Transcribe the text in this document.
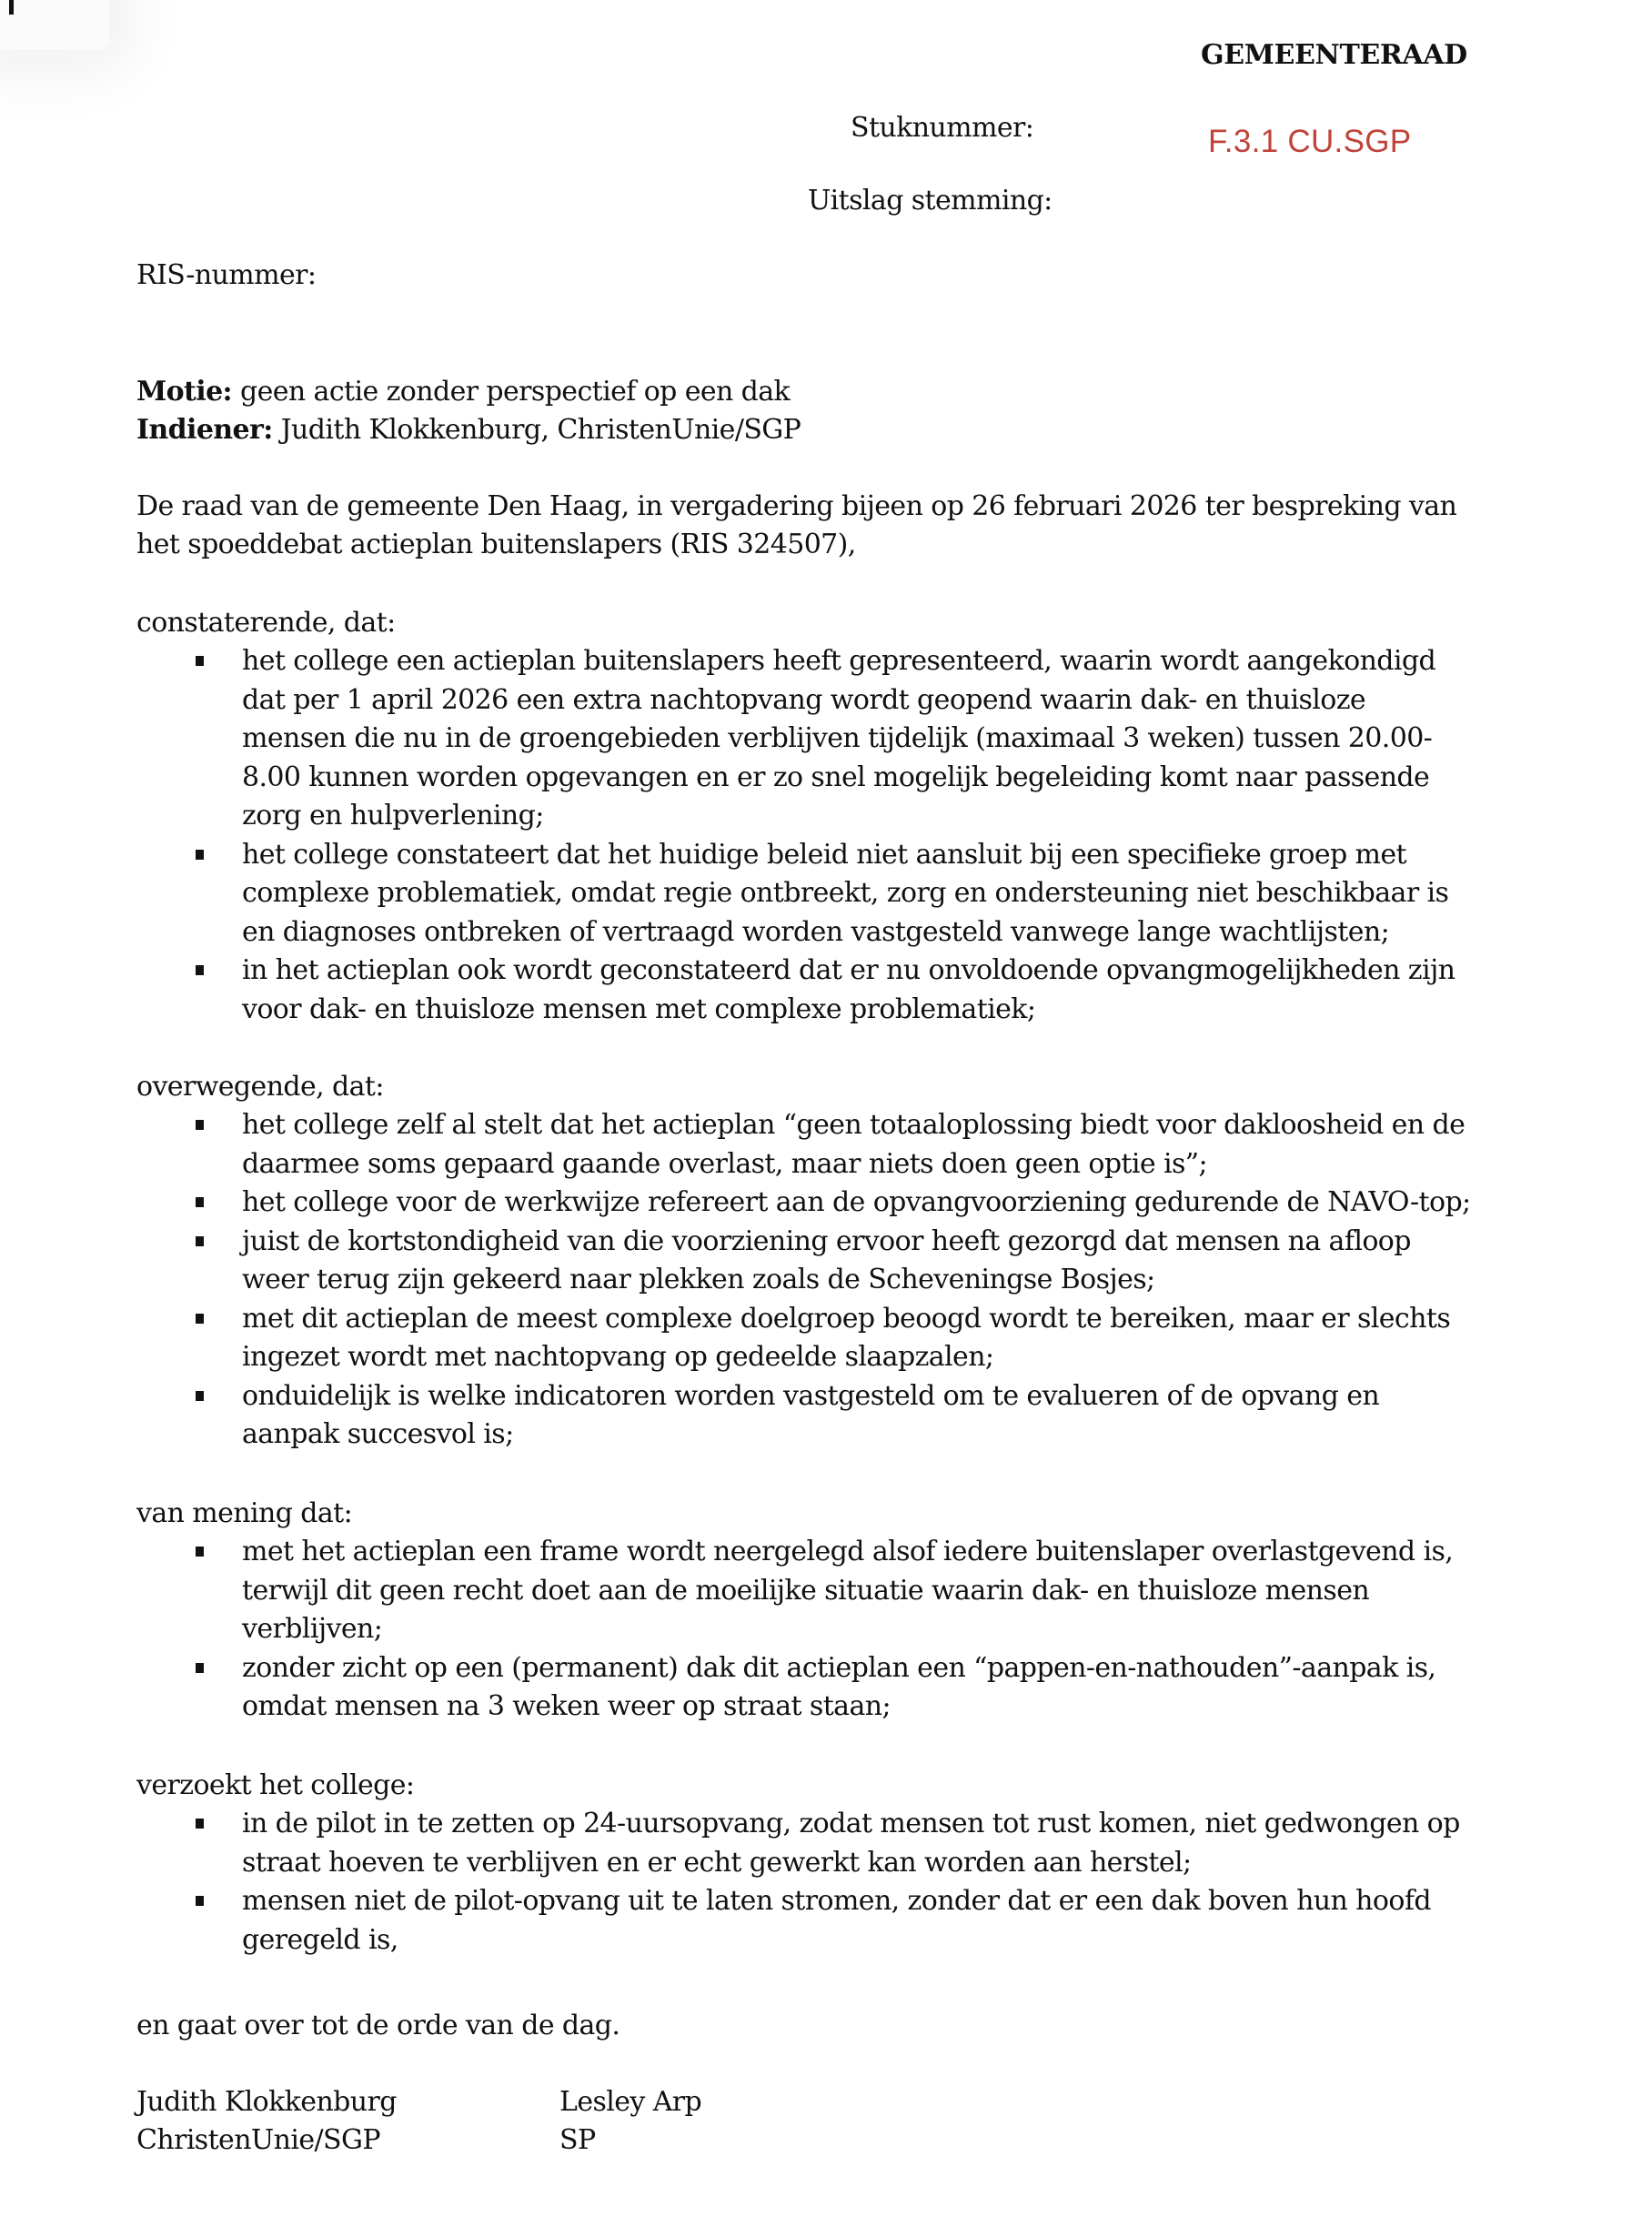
GEMEENTERAAD
Stuknummer:	F.3.1 CU.SGP
Uitslag stemming:
RIS-nummer:

Motie: geen actie zonder perspectief op een dak

Indiener: Judith Klokkenburg, ChristenUnie/SGP

De raad van de gemeente Den Haag, in vergadering bijeen op 26 februari 2026 ter bespreking van het spoeddebat actieplan buitenslapers (RIS 324507),

constaterende, dat:

het college een actieplan buitenslapers heeft gepresenteerd, waarin wordt aangekondigd dat per 1 april 2026 een extra nachtopvang wordt geopend waarin dak- en thuisloze mensen die nu in de groengebieden verblijven tijdelijk (maximaal 3 weken) tussen 20.00-8.00 kunnen worden opgevangen en er zo snel mogelijk begeleiding komt naar passende zorg en hulpverlening;
het college constateert dat het huidige beleid niet aansluit bij een specifieke groep met complexe problematiek, omdat regie ontbreekt, zorg en ondersteuning niet beschikbaar is en diagnoses ontbreken of vertraagd worden vastgesteld vanwege lange wachtlijsten;
in het actieplan ook wordt geconstateerd dat er nu onvoldoende opvangmogelijkheden zijn voor dak- en thuisloze mensen met complexe problematiek;

overwegende, dat:

het college zelf al stelt dat het actieplan “geen totaaloplossing biedt voor dakloosheid en de daarmee soms gepaard gaande overlast, maar niets doen geen optie is”;
het college voor de werkwijze refereert aan de opvangvoorziening gedurende de NAVO-top;
juist de kortstondigheid van die voorziening ervoor heeft gezorgd dat mensen na afloop weer terug zijn gekeerd naar plekken zoals de Scheveningse Bosjes;
met dit actieplan de meest complexe doelgroep beoogd wordt te bereiken, maar er slechts ingezet wordt met nachtopvang op gedeelde slaapzalen;
onduidelijk is welke indicatoren worden vastgesteld om te evalueren of de opvang en aanpak succesvol is;

van mening dat:

met het actieplan een frame wordt neergelegd alsof iedere buitenslaper overlastgevend is, terwijl dit geen recht doet aan de moeilijke situatie waarin dak- en thuisloze mensen verblijven;
zonder zicht op een (permanent) dak dit actieplan een “pappen-en-nathouden”-aanpak is, omdat mensen na 3 weken weer op straat staan;

verzoekt het college:

in de pilot in te zetten op 24-uursopvang, zodat mensen tot rust komen, niet gedwongen op straat hoeven te verblijven en er echt gewerkt kan worden aan herstel;
mensen niet de pilot-opvang uit te laten stromen, zonder dat er een dak boven hun hoofd geregeld is,
en gaat over tot de orde van de dag.
Judith Klokkenburg
ChristenUnie/SGP
Lesley Arp
SP
